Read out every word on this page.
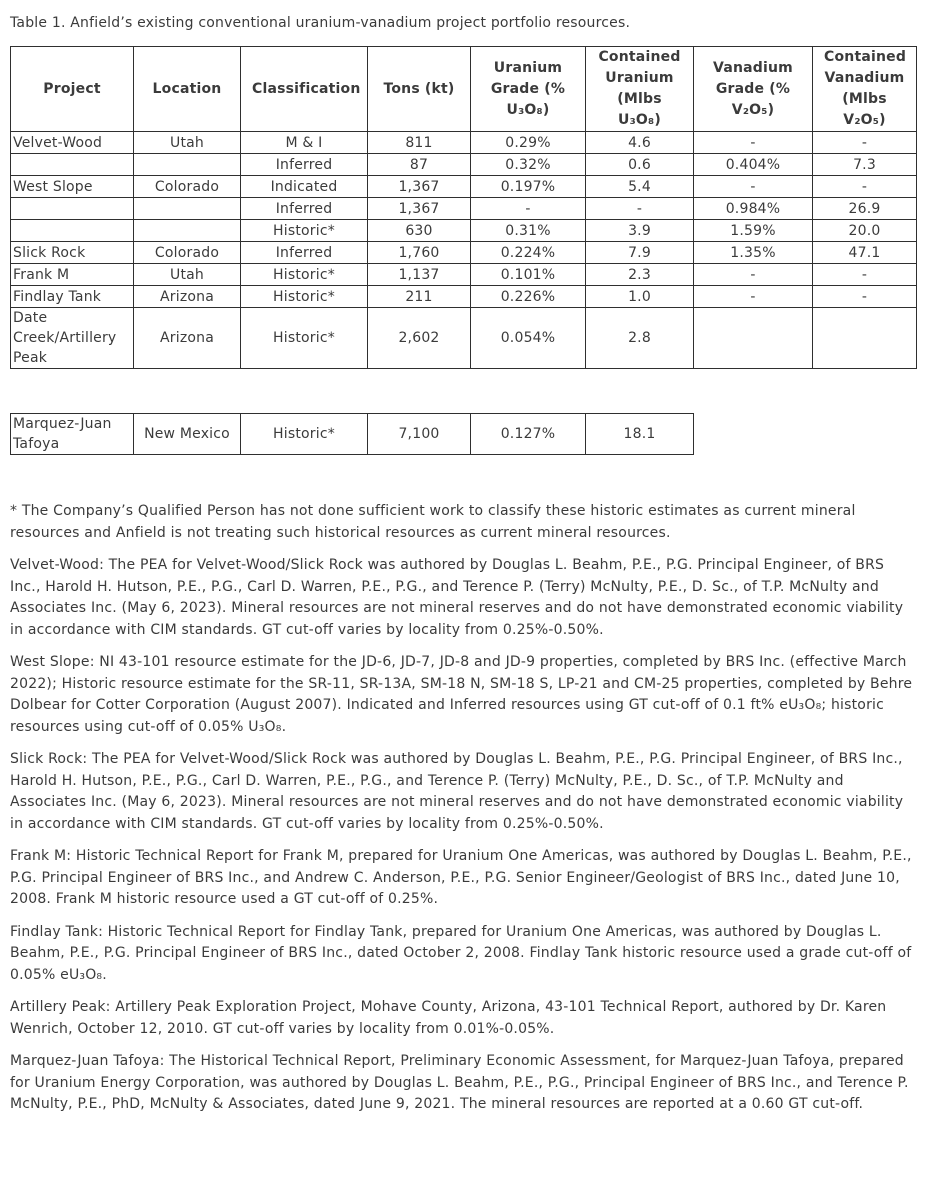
Table 1. Anfield’s existing conventional uranium-vanadium project portfolio resources.

Project	Location	Classification	Tons (kt)	Uranium Grade (% U₃O₈)	Contained Uranium (Mlbs U₃O₈)	Vanadium Grade (% V₂O₅)	Contained Vanadium (Mlbs V₂O₅)
Velvet-Wood	Utah	M & I	811	0.29%	4.6	-	-
		Inferred	87	0.32%	0.6	0.404%	7.3
West Slope	Colorado	Indicated	1,367	0.197%	5.4	-	-
		Inferred	1,367	-	-	0.984%	26.9
		Historic*	630	0.31%	3.9	1.59%	20.0
Slick Rock	Colorado	Inferred	1,760	0.224%	7.9	1.35%	47.1
Frank M	Utah	Historic*	1,137	0.101%	2.3	-	-
Findlay Tank	Arizona	Historic*	211	0.226%	1.0	-	-
Date Creek/Artillery Peak	Arizona	Historic*	2,602	0.054%	2.8		
Marquez-Juan Tafoya	New Mexico	Historic*	7,100	0.127%	18.1

* The Company’s Qualified Person has not done sufficient work to classify these historic estimates as current mineral resources and Anfield is not treating such historical resources as current mineral resources.

Velvet-Wood: The PEA for Velvet-Wood/Slick Rock was authored by Douglas L. Beahm, P.E., P.G. Principal Engineer, of BRS Inc., Harold H. Hutson, P.E., P.G., Carl D. Warren, P.E., P.G., and Terence P. (Terry) McNulty, P.E., D. Sc., of T.P. McNulty and Associates Inc. (May 6, 2023). Mineral resources are not mineral reserves and do not have demonstrated economic viability in accordance with CIM standards. GT cut-off varies by locality from 0.25%-0.50%.

West Slope: NI 43-101 resource estimate for the JD-6, JD-7, JD-8 and JD-9 properties, completed by BRS Inc. (effective March 2022); Historic resource estimate for the SR-11, SR-13A, SM-18 N, SM-18 S, LP-21 and CM-25 properties, completed by Behre Dolbear for Cotter Corporation (August 2007). Indicated and Inferred resources using GT cut-off of 0.1 ft% eU₃O₈; historic resources using cut-off of 0.05% U₃O₈.

Slick Rock: The PEA for Velvet-Wood/Slick Rock was authored by Douglas L. Beahm, P.E., P.G. Principal Engineer, of BRS Inc., Harold H. Hutson, P.E., P.G., Carl D. Warren, P.E., P.G., and Terence P. (Terry) McNulty, P.E., D. Sc., of T.P. McNulty and Associates Inc. (May 6, 2023). Mineral resources are not mineral reserves and do not have demonstrated economic viability in accordance with CIM standards. GT cut-off varies by locality from 0.25%-0.50%.

Frank M: Historic Technical Report for Frank M, prepared for Uranium One Americas, was authored by Douglas L. Beahm, P.E., P.G. Principal Engineer of BRS Inc., and Andrew C. Anderson, P.E., P.G. Senior Engineer/Geologist of BRS Inc., dated June 10, 2008. Frank M historic resource used a GT cut-off of 0.25%.

Findlay Tank: Historic Technical Report for Findlay Tank, prepared for Uranium One Americas, was authored by Douglas L. Beahm, P.E., P.G. Principal Engineer of BRS Inc., dated October 2, 2008. Findlay Tank historic resource used a grade cut-off of 0.05% eU₃O₈.

Artillery Peak: Artillery Peak Exploration Project, Mohave County, Arizona, 43-101 Technical Report, authored by Dr. Karen Wenrich, October 12, 2010. GT cut-off varies by locality from 0.01%-0.05%.

Marquez-Juan Tafoya: The Historical Technical Report, Preliminary Economic Assessment, for Marquez-Juan Tafoya, prepared for Uranium Energy Corporation, was authored by Douglas L. Beahm, P.E., P.G., Principal Engineer of BRS Inc., and Terence P. McNulty, P.E., PhD, McNulty & Associates, dated June 9, 2021. The mineral resources are reported at a 0.60 GT cut-off.
